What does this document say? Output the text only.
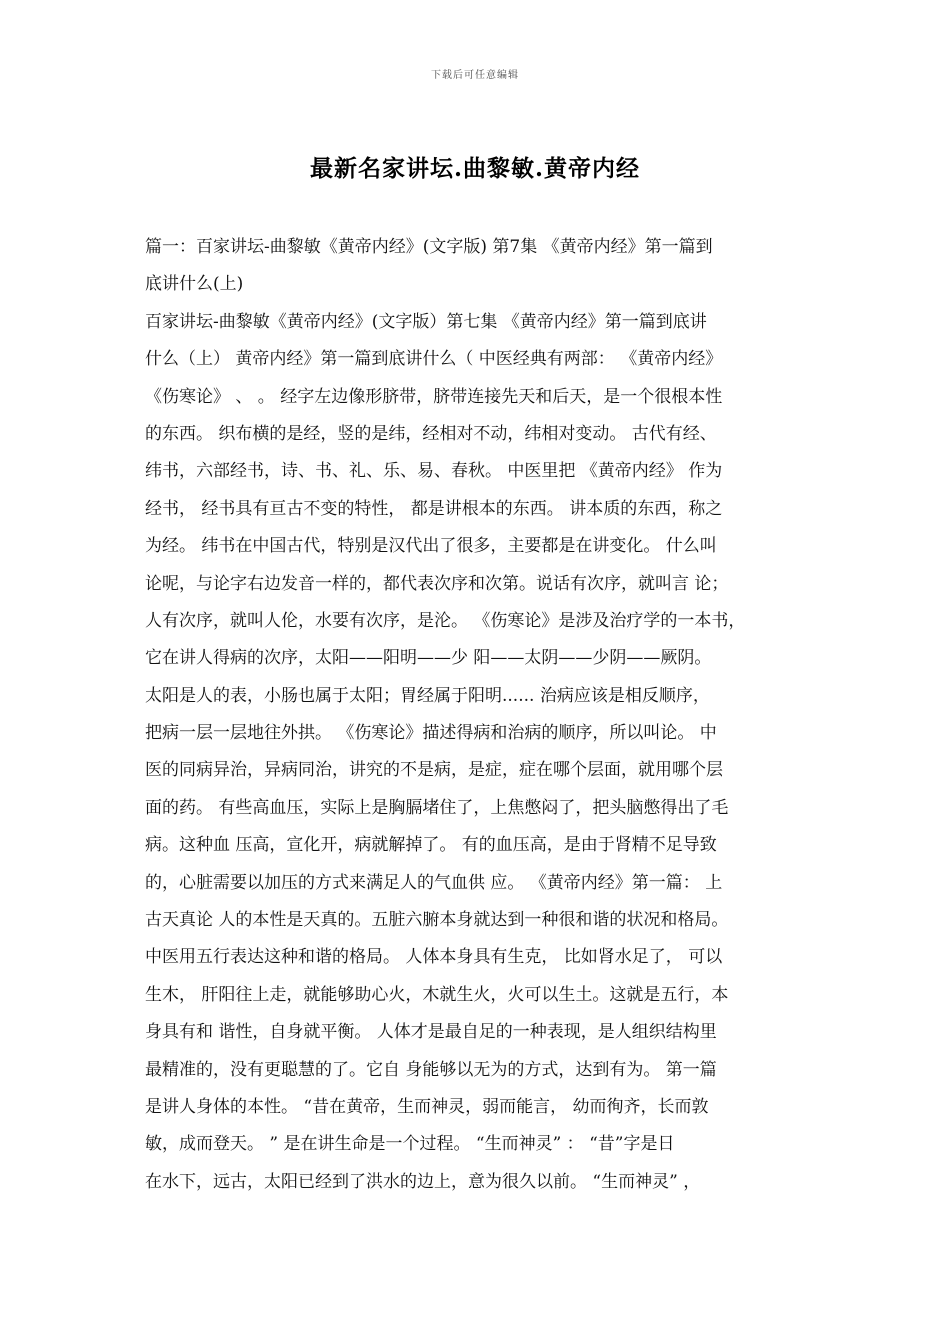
下载后可任意编辑
最新名家讲坛.曲黎敏.黄帝内经
篇一：百家讲坛-曲黎敏《黄帝内经》(文字版) 第7集 《黄帝内经》第一篇到
底讲什么(上)
百家讲坛-曲黎敏《黄帝内经》(文字版）第七集 《黄帝内经》第一篇到底讲
什么（上） 黄帝内经》第一篇到底讲什么（ 中医经典有两部： 《黄帝内经》
《伤寒论》 、 。 经字左边像形脐带，脐带连接先天和后天，是一个很根本性
的东西。 织布横的是经，竖的是纬，经相对不动，纬相对变动。 古代有经、
纬书，六部经书，诗、书、礼、乐、易、春秋。 中医里把 《黄帝内经》 作为
经书， 经书具有亘古不变的特性， 都是讲根本的东西。 讲本质的东西，称之
为经。 纬书在中国古代，特别是汉代出了很多，主要都是在讲变化。 什么叫
论呢，与论字右边发音一样的，都代表次序和次第。说话有次序，就叫言 论；
人有次序，就叫人伦，水要有次序，是沦。 《伤寒论》是涉及治疗学的一本书，
它在讲人得病的次序，太阳——阳明——少 阳——太阴——少阴——厥阴。
太阳是人的表，小肠也属于太阳；胃经属于阳明...... 治病应该是相反顺序，
把病一层一层地往外拱。 《伤寒论》描述得病和治病的顺序，所以叫论。 中
医的同病异治，异病同治，讲究的不是病，是症，症在哪个层面，就用哪个层
面的药。 有些高血压，实际上是胸膈堵住了，上焦憋闷了，把头脑憋得出了毛
病。这种血 压高，宣化开，病就解掉了。 有的血压高，是由于肾精不足导致
的，心脏需要以加压的方式来满足人的气血供 应。 《黄帝内经》第一篇： 上
古天真论 人的本性是天真的。五脏六腑本身就达到一种很和谐的状况和格局。
中医用五行表达这种和谐的格局。 人体本身具有生克， 比如肾水足了， 可以
生木， 肝阳往上走，就能够助心火，木就生火，火可以生土。这就是五行，本
身具有和 谐性，自身就平衡。 人体才是最自足的一种表现，是人组织结构里
最精准的，没有更聪慧的了。它自 身能够以无为的方式，达到有为。 第一篇
是讲人身体的本性。 “昔在黄帝，生而神灵，弱而能言， 幼而徇齐，长而敦
敏，成而登天。 ” 是在讲生命是一个过程。 “生而神灵” ： “昔”字是日
在水下，远古，太阳已经到了洪水的边上，意为很久以前。 “生而神灵” ，
